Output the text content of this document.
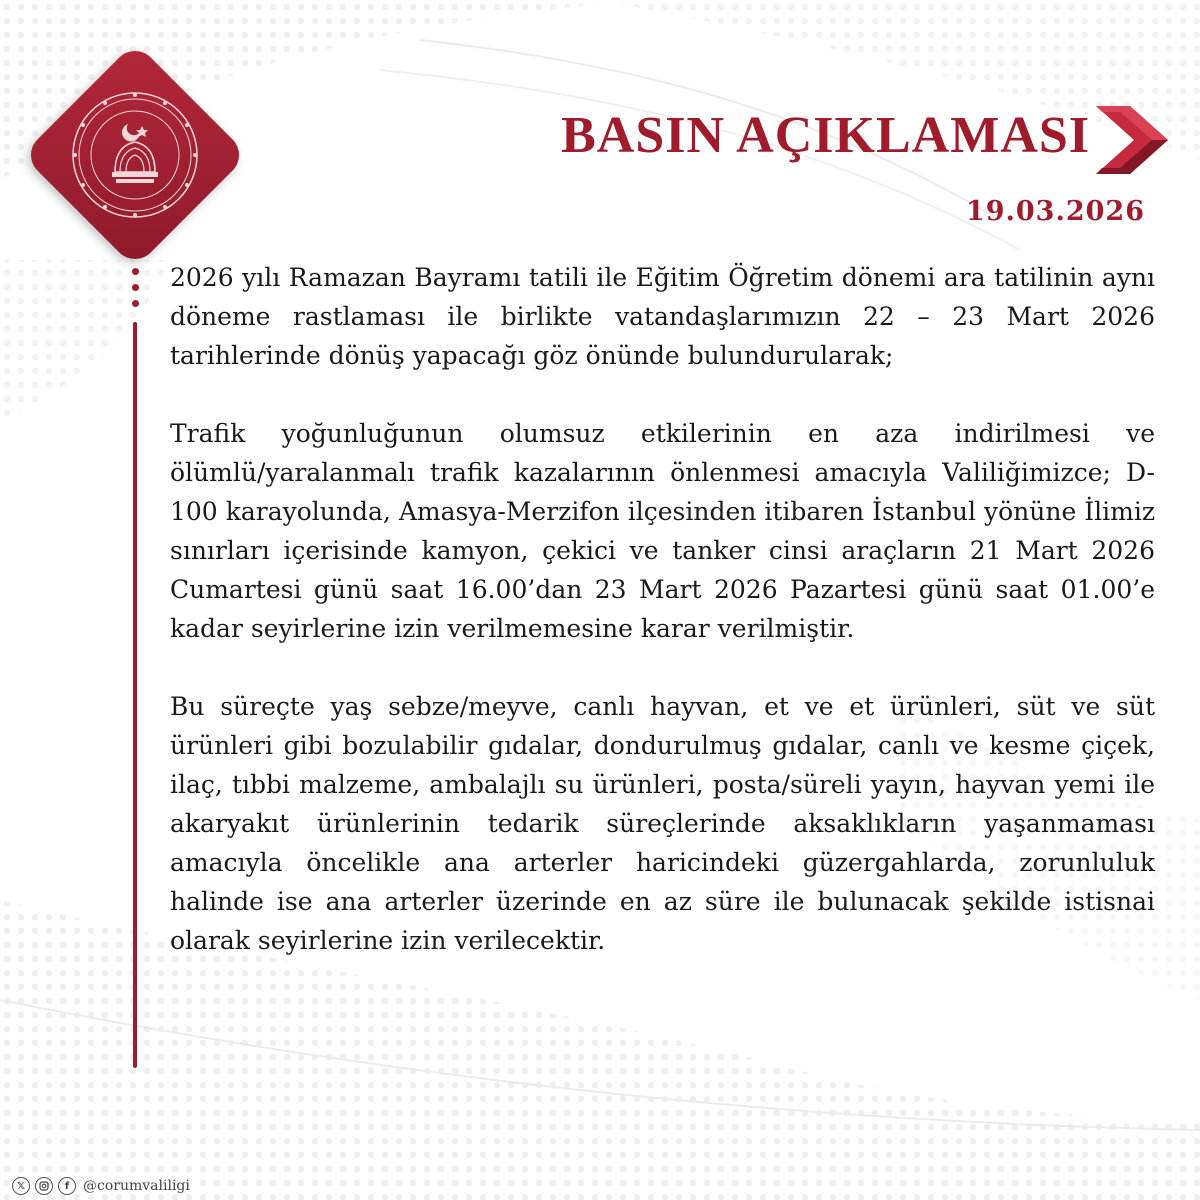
BASIN AÇIKLAMASI
19.03.2026

2026 yılı Ramazan Bayramı tatili ile Eğitim Öğretim dönemi ara tatilinin aynı döneme rastlaması ile birlikte vatandaşlarımızın 22 – 23 Mart 2026 tarihlerinde dönüş yapacağı göz önünde bulundurularak;

Trafik yoğunluğunun olumsuz etkilerinin en aza indirilmesi ve ölümlü/yaralanmalı trafik kazalarının önlenmesi amacıyla Valiliğimizce; D-100 karayolunda, Amasya-Merzifon ilçesinden itibaren İstanbul yönüne İlimiz sınırları içerisinde kamyon, çekici ve tanker cinsi araçların 21 Mart 2026 Cumartesi günü saat 16.00’dan 23 Mart 2026 Pazartesi günü saat 01.00’e kadar seyirlerine izin verilmemesine karar verilmiştir.

Bu süreçte yaş sebze/meyve, canlı hayvan, et ve et ürünleri, süt ve süt ürünleri gibi bozulabilir gıdalar, dondurulmuş gıdalar, canlı ve kesme çiçek, ilaç, tıbbi malzeme, ambalajlı su ürünleri, posta/süreli yayın, hayvan yemi ile akaryakıt ürünlerinin tedarik süreçlerinde aksaklıkların yaşanmaması amacıyla öncelikle ana arterler haricindeki güzergahlarda, zorunluluk halinde ise ana arterler üzerinde en az süre ile bulunacak şekilde istisnai olarak seyirlerine izin verilecektir.

𝕏	f @corumvaliligi
